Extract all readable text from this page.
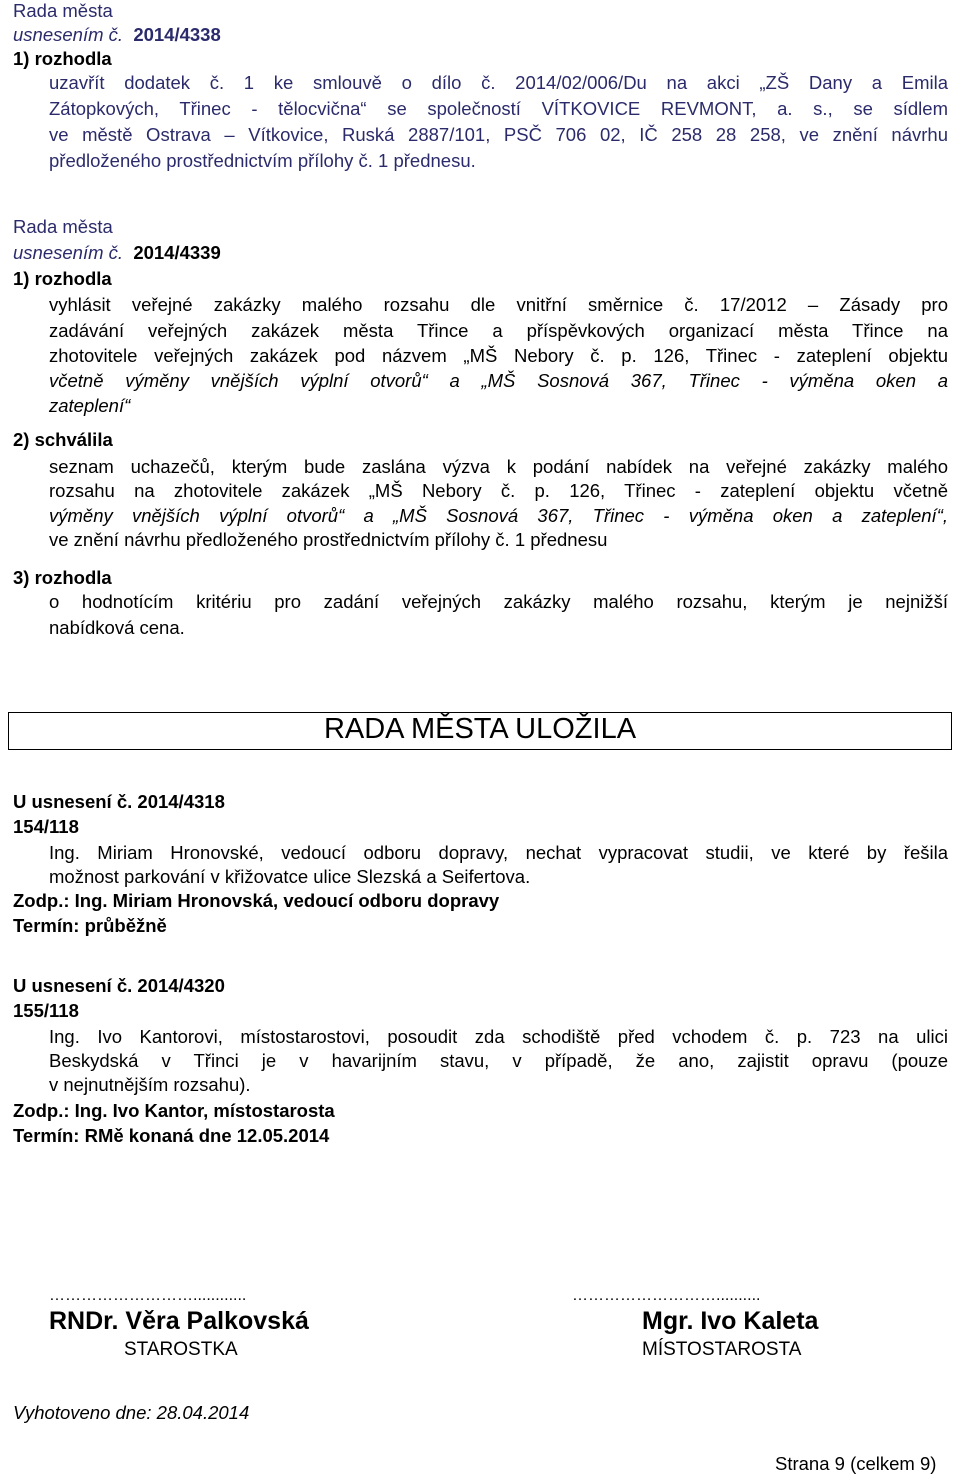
Rada města
usnesením č. 2014/4338
1) rozhodla
uzavřít dodatek č. 1 ke smlouvě o dílo č. 2014/02/006/Du na akci „ZŠ Dany a Emila
Zátopkových, Třinec - tělocvična“ se společností VÍTKOVICE REVMONT, a. s., se sídlem
ve městě Ostrava – Vítkovice, Ruská 2887/101, PSČ 706 02, IČ 258 28 258, ve znění návrhu
předloženého prostřednictvím přílohy č. 1 přednesu.
Rada města
usnesením č. 2014/4339
1) rozhodla
vyhlásit veřejné zakázky malého rozsahu dle vnitřní směrnice č. 17/2012 – Zásady pro
zadávání veřejných zakázek města Třince a příspěvkových organizací města Třince na
zhotovitele veřejných zakázek pod názvem „MŠ Nebory č. p. 126, Třinec - zateplení objektu
včetně výměny vnějších výplní otvorů“ a „MŠ Sosnová 367, Třinec - výměna oken a
zateplení“
2) schválila
seznam uchazečů, kterým bude zaslána výzva k podání nabídek na veřejné zakázky malého
rozsahu na zhotovitele zakázek „MŠ Nebory č. p. 126, Třinec - zateplení objektu včetně
výměny vnějších výplní otvorů“ a „MŠ Sosnová 367, Třinec - výměna oken a zateplení“,
ve znění návrhu předloženého prostřednictvím přílohy č. 1 přednesu
3) rozhodla
o hodnotícím kritériu pro zadání veřejných zakázky malého rozsahu, kterým je nejnižší
nabídková cena.
RADA MĚSTA ULOŽILA
U usnesení č. 2014/4318
154/118
Ing. Miriam Hronovské, vedoucí odboru dopravy, nechat vypracovat studii, ve které by řešila
možnost parkování v křižovatce ulice Slezská a Seifertova.
Zodp.: Ing. Miriam Hronovská, vedoucí odboru dopravy
Termín: průběžně
U usnesení č. 2014/4320
155/118
Ing. Ivo Kantorovi, místostarostovi, posoudit zda schodiště před vchodem č. p. 723 na ulici
Beskydská v Třinci je v havarijním stavu, v případě, že ano, zajistit opravu (pouze
v nejnutnějším rozsahu).
Zodp.: Ing. Ivo Kantor, místostarosta
Termín: RMě konaná dne 12.05.2014
………………………............
RNDr. Věra Palkovská
STAROSTKA
………………………..........
Mgr. Ivo Kaleta
MÍSTOSTAROSTA
Vyhotoveno dne: 28.04.2014
Strana 9 (celkem 9)
